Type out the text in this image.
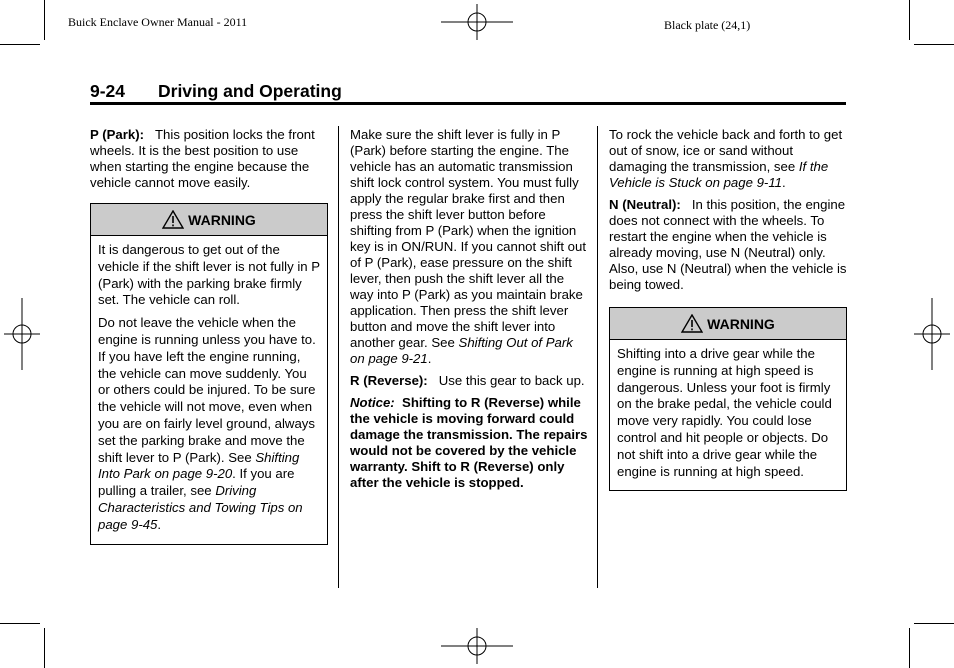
Buick Enclave Owner Manual - 2011	Black plate (24,1)
9-24 Driving and Operating

P (Park): This position locks the front wheels. It is the best position to use when starting the engine because the vehicle cannot move easily.

WARNING

It is dangerous to get out of the vehicle if the shift lever is not fully in P (Park) with the parking brake firmly set. The vehicle can roll.

Do not leave the vehicle when the engine is running unless you have to. If you have left the engine running, the vehicle can move suddenly. You or others could be injured. To be sure the vehicle will not move, even when you are on fairly level ground, always set the parking brake and move the shift lever to P (Park). See Shifting Into Park on page 9-20. If you are pulling a trailer, see Driving Characteristics and Towing Tips on page 9-45.

Make sure the shift lever is fully in P (Park) before starting the engine. The vehicle has an automatic transmission shift lock control system. You must fully apply the regular brake first and then press the shift lever button before shifting from P (Park) when the ignition key is in ON/RUN. If you cannot shift out of P (Park), ease pressure on the shift lever, then push the shift lever all the way into P (Park) as you maintain brake application. Then press the shift lever button and move the shift lever into another gear. See Shifting Out of Park on page 9-21.

R (Reverse): Use this gear to back up.

Notice: Shifting to R (Reverse) while the vehicle is moving forward could damage the transmission. The repairs would not be covered by the vehicle warranty. Shift to R (Reverse) only after the vehicle is stopped.

To rock the vehicle back and forth to get out of snow, ice or sand without damaging the transmission, see If the Vehicle is Stuck on page 9-11.

N (Neutral): In this position, the engine does not connect with the wheels. To restart the engine when the vehicle is already moving, use N (Neutral) only. Also, use N (Neutral) when the vehicle is being towed.

WARNING

Shifting into a drive gear while the engine is running at high speed is dangerous. Unless your foot is firmly on the brake pedal, the vehicle could move very rapidly. You could lose control and hit people or objects. Do not shift into a drive gear while the engine is running at high speed.
